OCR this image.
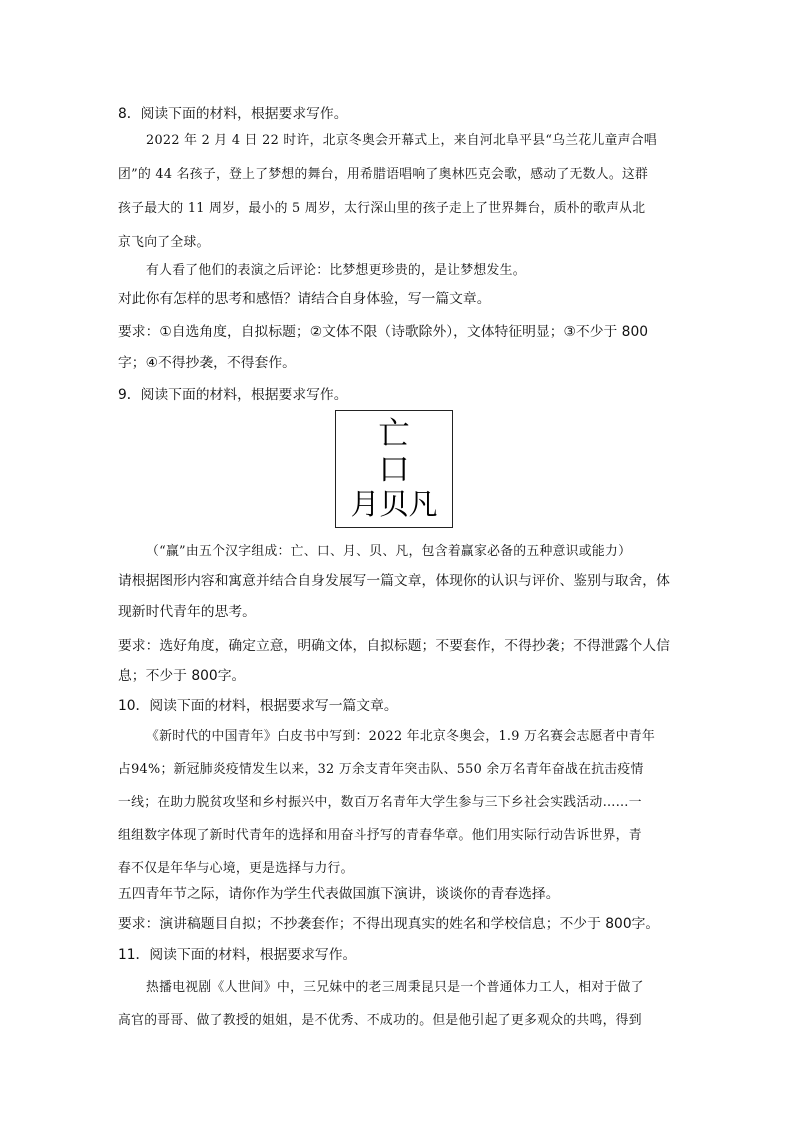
8．阅读下面的材料，根据要求写作。
2022 年 2 月 4 日 22 时许，北京冬奥会开幕式上，来自河北阜平县“乌兰花儿童声合唱
团”的 44 名孩子，登上了梦想的舞台，用希腊语唱响了奥林匹克会歌，感动了无数人。这群
孩子最大的 11 周岁，最小的 5 周岁，太行深山里的孩子走上了世界舞台，质朴的歌声从北
京飞向了全球。
有人看了他们的表演之后评论：比梦想更珍贵的，是让梦想发生。
对此你有怎样的思考和感悟？请结合自身体验，写一篇文章。
要求：①自选角度，自拟标题；②文体不限（诗歌除外），文体特征明显；③不少于 800
字；④不得抄袭，不得套作。
9．阅读下面的材料，根据要求写作。
亡
口
月贝凡
（“赢”由五个汉字组成：亡、口、月、贝、凡，包含着赢家必备的五种意识或能力）
请根据图形内容和寓意并结合自身发展写一篇文章，体现你的认识与评价、鉴别与取舍，体
现新时代青年的思考。
要求：选好角度，确定立意，明确文体，自拟标题；不要套作，不得抄袭；不得泄露个人信
息；不少于 800字。
10．阅读下面的材料，根据要求写一篇文章。
《新时代的中国青年》白皮书中写到：2022 年北京冬奥会，1.9 万名赛会志愿者中青年
占94%；新冠肺炎疫情发生以来，32 万余支青年突击队、550 余万名青年奋战在抗击疫情
一线；在助力脱贫攻坚和乡村振兴中，数百万名青年大学生参与三下乡社会实践活动……一
组组数字体现了新时代青年的选择和用奋斗抒写的青春华章。他们用实际行动告诉世界，青
春不仅是年华与心境，更是选择与力行。
五四青年节之际，请你作为学生代表做国旗下演讲，谈谈你的青春选择。
要求：演讲稿题目自拟；不抄袭套作；不得出现真实的姓名和学校信息；不少于 800字。
11．阅读下面的材料，根据要求写作。
热播电视剧《人世间》中，三兄妹中的老三周秉昆只是一个普通体力工人，相对于做了
高官的哥哥、做了教授的姐姐，是不优秀、不成功的。但是他引起了更多观众的共鸣，得到
